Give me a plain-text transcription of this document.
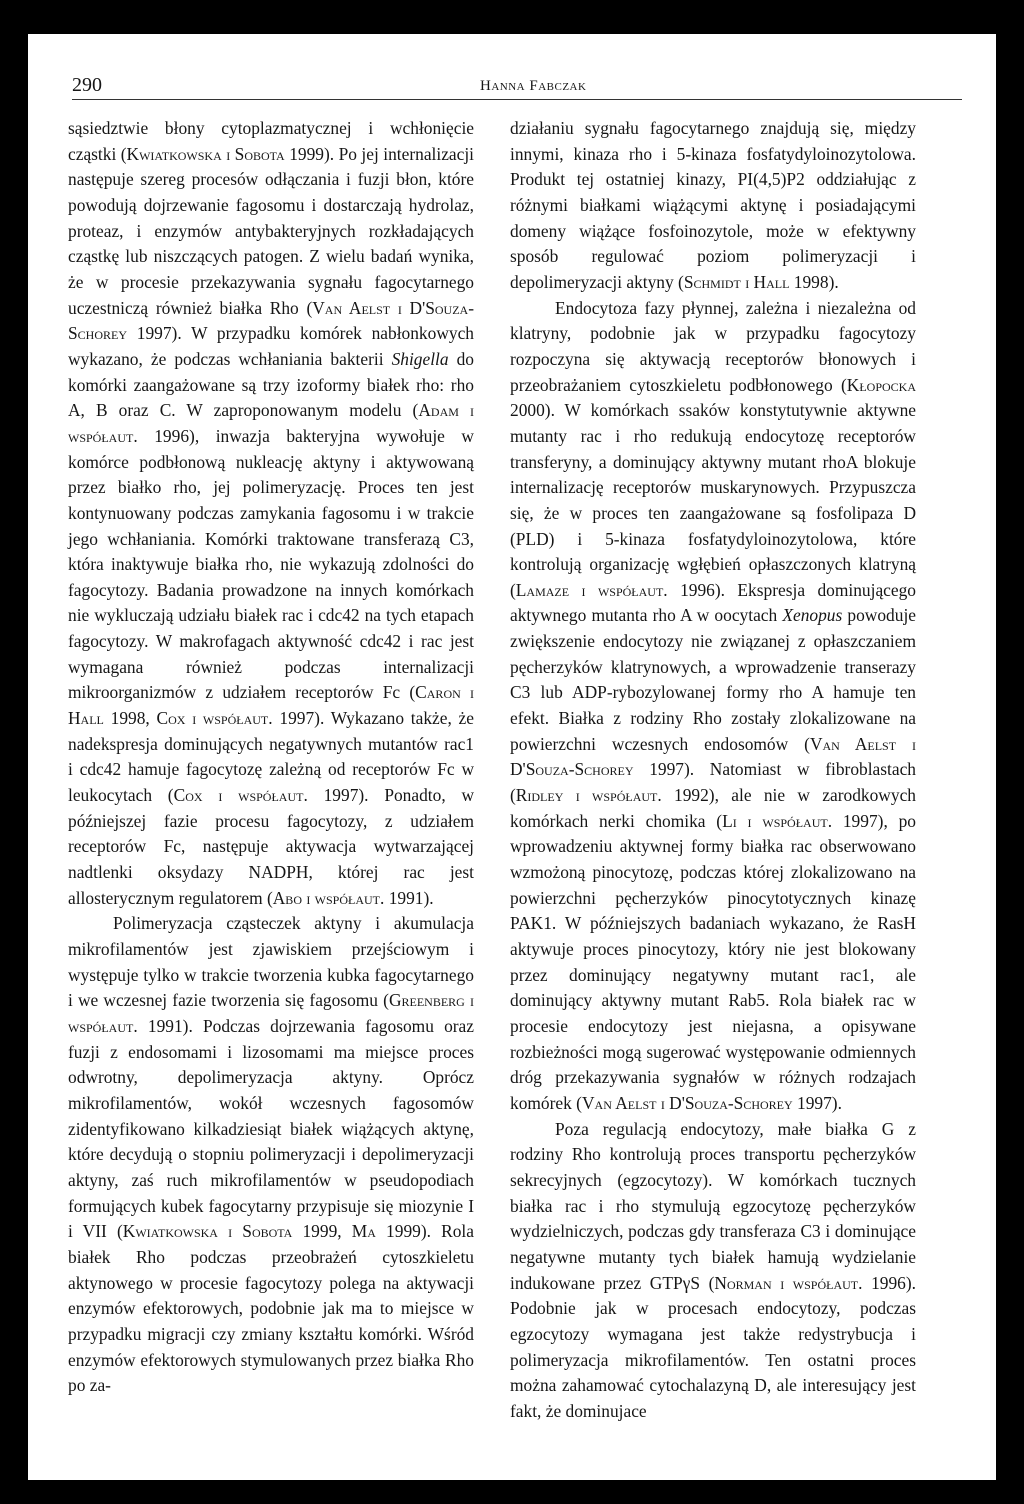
290	Hanna Fabczak

sąsiedztwie błony cytoplazmatycznej i wchłonięcie cząstki (Kwiatkowska i Sobota 1999). Po jej internalizacji następuje szereg procesów odłączania i fuzji błon, które powodują dojrzewanie fagosomu i dostarczają hydrolaz, proteaz, i enzymów antybakteryjnych rozkładających cząstkę lub niszczących patogen. Z wielu badań wynika, że w procesie przekazywania sygnału fagocytarnego uczestniczą również białka Rho (Van Aelst i D'Souza-Schorey 1997). W przypadku komórek nabłonkowych wykazano, że podczas wchłaniania bakterii Shigella do komórki zaangażowane są trzy izoformy białek rho: rho A, B oraz C. W zaproponowanym modelu (Adam i współaut. 1996), inwazja bakteryjna wywołuje w komórce podbłonową nukleację aktyny i aktywowaną przez białko rho, jej polimeryzację. Proces ten jest kontynuowany podczas zamykania fagosomu i w trakcie jego wchłaniania. Komórki traktowane transferazą C3, która inaktywuje białka rho, nie wykazują zdolności do fagocytozy. Badania prowadzone na innych komórkach nie wykluczają udziału białek rac i cdc42 na tych etapach fagocytozy. W makrofagach aktywność cdc42 i rac jest wymagana również podczas internalizacji mikroorganizmów z udziałem receptorów Fc (Caron i Hall 1998, Cox i współaut. 1997). Wykazano także, że nadekspresja dominujących negatywnych mutantów rac1 i cdc42 hamuje fagocytozę zależną od receptorów Fc w leukocytach (Cox i współaut. 1997). Ponadto, w późniejszej fazie procesu fagocytozy, z udziałem receptorów Fc, następuje aktywacja wytwarzającej nadtlenki oksydazy NADPH, której rac jest allosterycznym regulatorem (Abo i współaut. 1991).

Polimeryzacja cząsteczek aktyny i akumulacja mikrofilamentów jest zjawiskiem przejściowym i występuje tylko w trakcie tworzenia kubka fagocytarnego i we wczesnej fazie tworzenia się fagosomu (Greenberg i współaut. 1991). Podczas dojrzewania fagosomu oraz fuzji z endosomami i lizosomami ma miejsce proces odwrotny, depolimeryzacja aktyny. Oprócz mikrofilamentów, wokół wczesnych fagosomów zidentyfikowano kilkadziesiąt białek wiążących aktynę, które decydują o stopniu polimeryzacji i depolimeryzacji aktyny, zaś ruch mikrofilamentów w pseudopodiach formujących kubek fagocytarny przypisuje się miozynie I i VII (Kwiatkowska i Sobota 1999, Ma 1999). Rola białek Rho podczas przeobrażeń cytoszkieletu aktynowego w procesie fagocytozy polega na aktywacji enzymów efektorowych, podobnie jak ma to miejsce w przypadku migracji czy zmiany kształtu komórki. Wśród enzymów efektorowych stymulowanych przez białka Rho po za-

działaniu sygnału fagocytarnego znajdują się, między innymi, kinaza rho i 5-kinaza fosfatydyloinozytolowa. Produkt tej ostatniej kinazy, PI(4,5)P2 oddziałując z różnymi białkami wiążącymi aktynę i posiadającymi domeny wiążące fosfoinozytole, może w efektywny sposób regulować poziom polimeryzacji i depolimeryzacji aktyny (Schmidt i Hall 1998).

Endocytoza fazy płynnej, zależna i niezależna od klatryny, podobnie jak w przypadku fagocytozy rozpoczyna się aktywacją receptorów błonowych i przeobrażaniem cytoszkieletu podbłonowego (Kłopocka 2000). W komórkach ssaków konstytutywnie aktywne mutanty rac i rho redukują endocytozę receptorów transferyny, a dominujący aktywny mutant rhoA blokuje internalizację receptorów muskarynowych. Przypuszcza się, że w proces ten zaangażowane są fosfolipaza D (PLD) i 5-kinaza fosfatydyloinozytolowa, które kontrolują organizację wgłębień opłaszczonych klatryną (Lamaze i współaut. 1996). Ekspresja dominującego aktywnego mutanta rho A w oocytach Xenopus powoduje zwiększenie endocytozy nie związanej z opłaszczaniem pęcherzyków klatrynowych, a wprowadzenie transerazy C3 lub ADP-rybozylowanej formy rho A hamuje ten efekt. Białka z rodziny Rho zostały zlokalizowane na powierzchni wczesnych endosomów (Van Aelst i D'Souza-Schorey 1997). Natomiast w fibroblastach (Ridley i współaut. 1992), ale nie w zarodkowych komórkach nerki chomika (Li i współaut. 1997), po wprowadzeniu aktywnej formy białka rac obserwowano wzmożoną pinocytozę, podczas której zlokalizowano na powierzchni pęcherzyków pinocytotycznych kinazę PAK1. W późniejszych badaniach wykazano, że RasH aktywuje proces pinocytozy, który nie jest blokowany przez dominujący negatywny mutant rac1, ale dominujący aktywny mutant Rab5. Rola białek rac w procesie endocytozy jest niejasna, a opisywane rozbieżności mogą sugerować występowanie odmiennych dróg przekazywania sygnałów w różnych rodzajach komórek (Van Aelst i D'Souza-Schorey 1997).

Poza regulacją endocytozy, małe białka G z rodziny Rho kontrolują proces transportu pęcherzyków sekrecyjnych (egzocytozy). W komórkach tucznych białka rac i rho stymulują egzocytozę pęcherzyków wydzielniczych, podczas gdy transferaza C3 i dominujące negatywne mutanty tych białek hamują wydzielanie indukowane przez GTPγS (Norman i współaut. 1996). Podobnie jak w procesach endocytozy, podczas egzocytozy wymagana jest także redystrybucja i polimeryzacja mikrofilamentów. Ten ostatni proces można zahamować cytochalazyną D, ale interesujący jest fakt, że dominujace
